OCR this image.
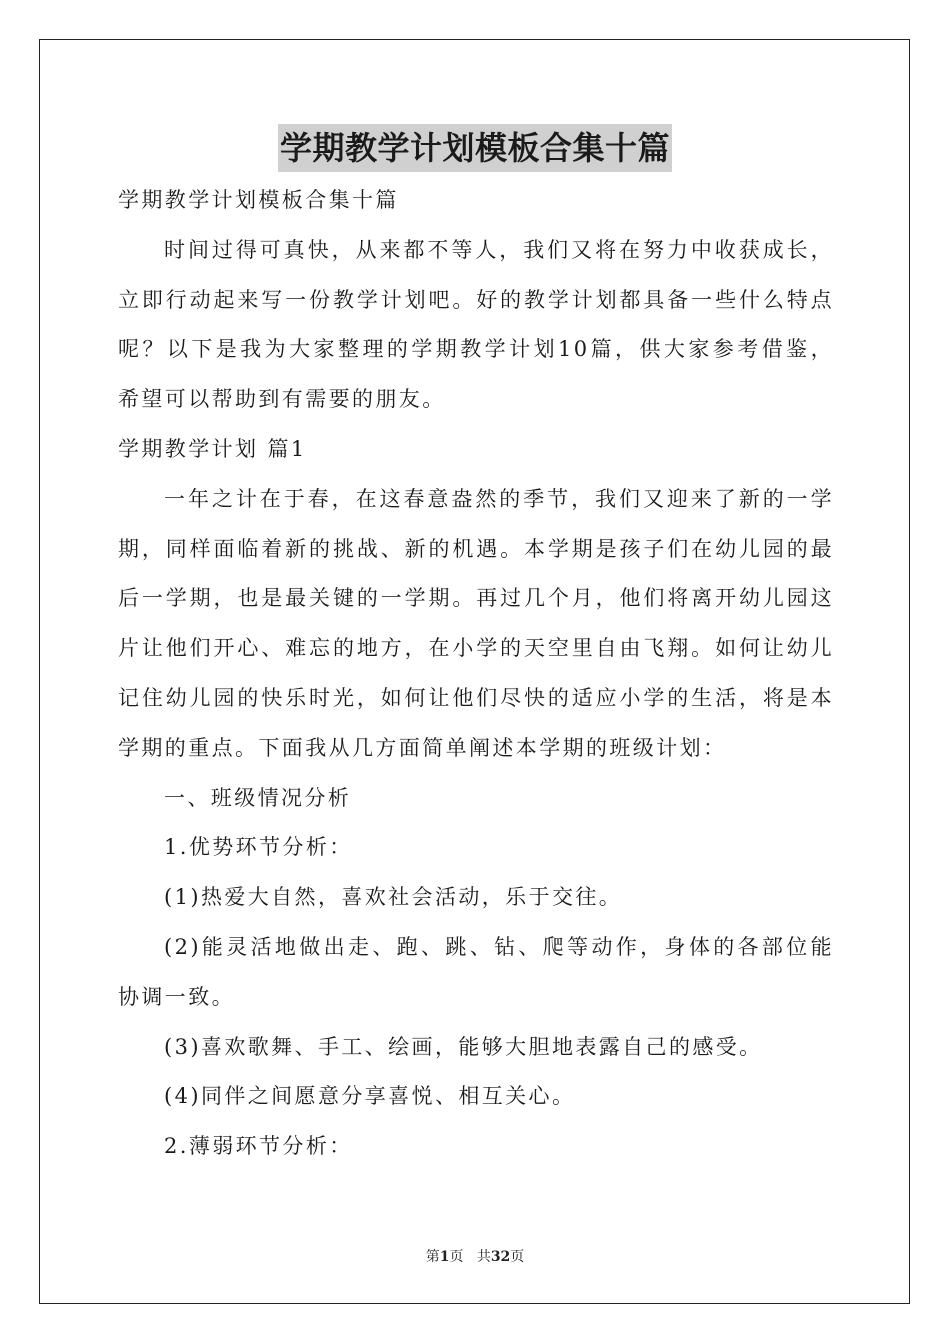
学期教学计划模板合集十篇
学期教学计划模板合集十篇
时间过得可真快，从来都不等人，我们又将在努力中收获成长，
立即行动起来写一份教学计划吧。好的教学计划都具备一些什么特点
呢？以下是我为大家整理的学期教学计划10篇，供大家参考借鉴，
希望可以帮助到有需要的朋友。
学期教学计划 篇1
一年之计在于春，在这春意盎然的季节，我们又迎来了新的一学
期，同样面临着新的挑战、新的机遇。本学期是孩子们在幼儿园的最
后一学期，也是最关键的一学期。再过几个月，他们将离开幼儿园这
片让他们开心、难忘的地方，在小学的天空里自由飞翔。如何让幼儿
记住幼儿园的快乐时光，如何让他们尽快的适应小学的生活，将是本
学期的重点。下面我从几方面简单阐述本学期的班级计划：
一、班级情况分析
1.优势环节分析：
(1)热爱大自然，喜欢社会活动，乐于交往。
(2)能灵活地做出走、跑、跳、钻、爬等动作，身体的各部位能
协调一致。
(3)喜欢歌舞、手工、绘画，能够大胆地表露自己的感受。
(4)同伴之间愿意分享喜悦、相互关心。
2.薄弱环节分析：
第1页 共32页
